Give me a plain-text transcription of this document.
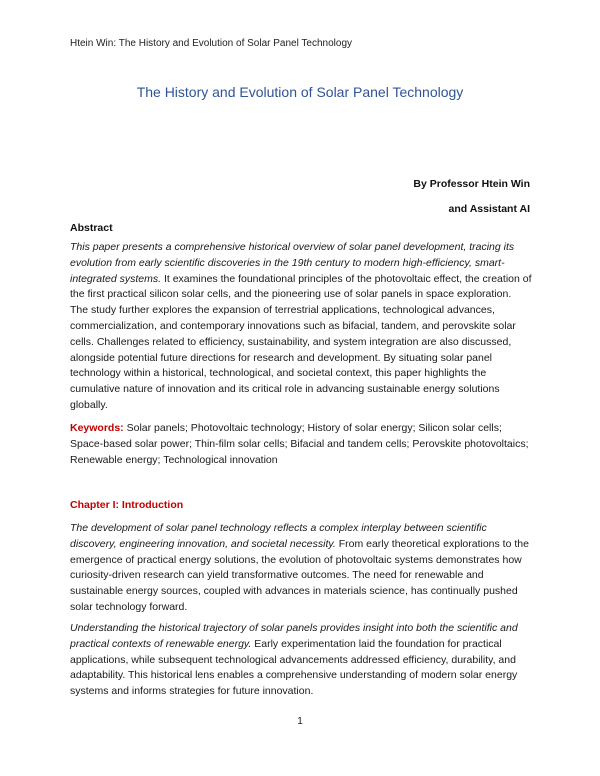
Htein Win: The History and Evolution of Solar Panel Technology
The History and Evolution of Solar Panel Technology
By Professor Htein Win
and Assistant AI
Abstract
This paper presents a comprehensive historical overview of solar panel development, tracing its evolution from early scientific discoveries in the 19th century to modern high-efficiency, smart-integrated systems. It examines the foundational principles of the photovoltaic effect, the creation of the first practical silicon solar cells, and the pioneering use of solar panels in space exploration. The study further explores the expansion of terrestrial applications, technological advances, commercialization, and contemporary innovations such as bifacial, tandem, and perovskite solar cells. Challenges related to efficiency, sustainability, and system integration are also discussed, alongside potential future directions for research and development. By situating solar panel technology within a historical, technological, and societal context, this paper highlights the cumulative nature of innovation and its critical role in advancing sustainable energy solutions globally.
Keywords: Solar panels; Photovoltaic technology; History of solar energy; Silicon solar cells; Space-based solar power; Thin-film solar cells; Bifacial and tandem cells; Perovskite photovoltaics; Renewable energy; Technological innovation
Chapter I: Introduction
The development of solar panel technology reflects a complex interplay between scientific discovery, engineering innovation, and societal necessity. From early theoretical explorations to the emergence of practical energy solutions, the evolution of photovoltaic systems demonstrates how curiosity-driven research can yield transformative outcomes. The need for renewable and sustainable energy sources, coupled with advances in materials science, has continually pushed solar technology forward.
Understanding the historical trajectory of solar panels provides insight into both the scientific and practical contexts of renewable energy. Early experimentation laid the foundation for practical applications, while subsequent technological advancements addressed efficiency, durability, and adaptability. This historical lens enables a comprehensive understanding of modern solar energy systems and informs strategies for future innovation.
1
